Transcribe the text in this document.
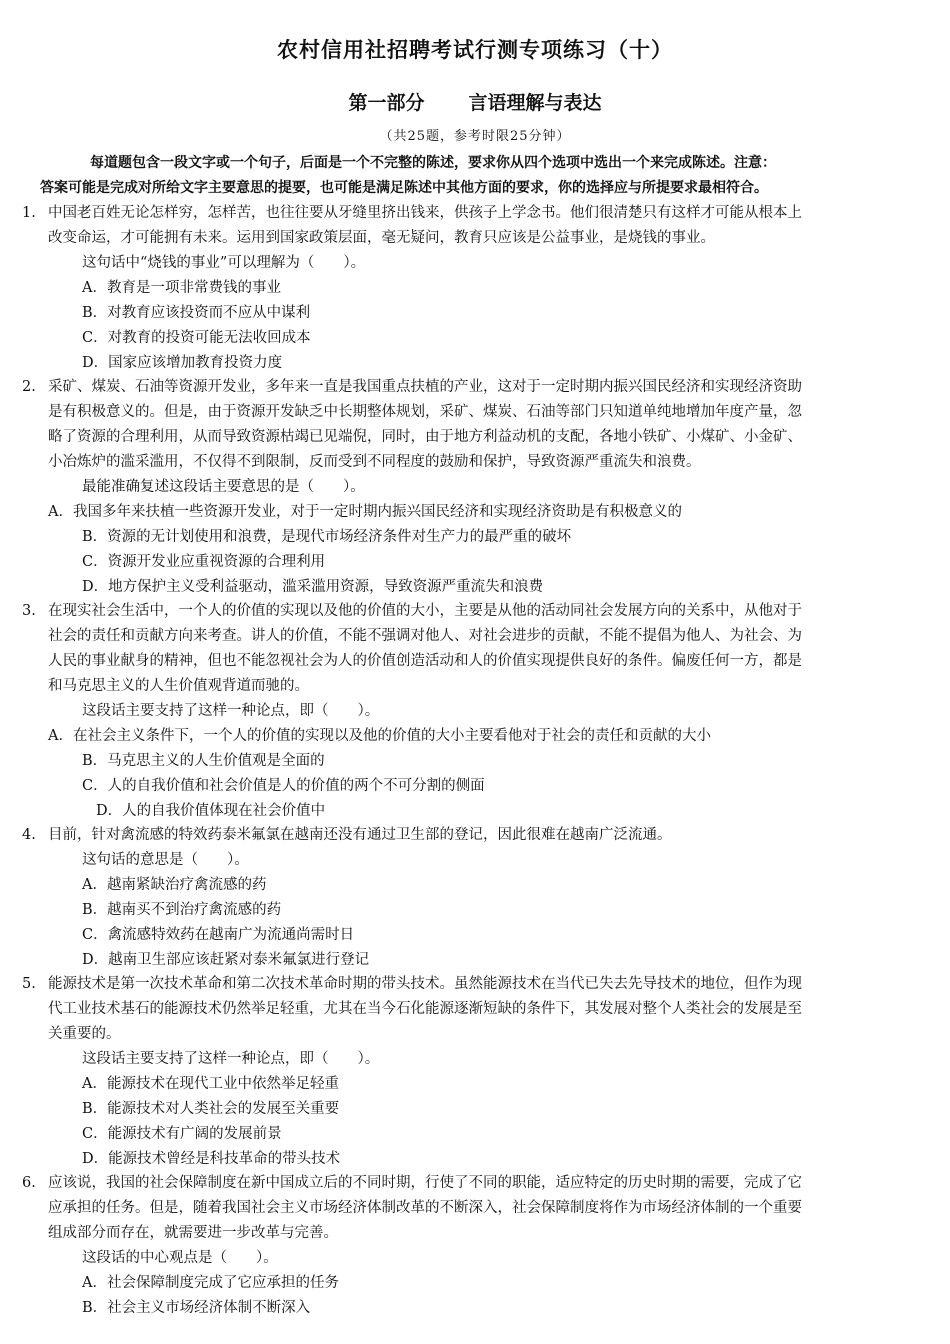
农村信用社招聘考试行测专项练习（十）
第一部分 言语理解与表达
（共25题，参考时限25分钟）
每道题包含一段文字或一个句子，后面是一个不完整的陈述，要求你从四个选项中选出一个来完成陈述。注意：
答案可能是完成对所给文字主要意思的提要，也可能是满足陈述中其他方面的要求，你的选择应与所提要求最相符合。
1. 中国老百姓无论怎样穷，怎样苦，也往往要从牙缝里挤出钱来，供孩子上学念书。他们很清楚只有这样才可能从根本上
改变命运，才可能拥有未来。运用到国家政策层面，毫无疑问，教育只应该是公益事业，是烧钱的事业。
这句话中“烧钱的事业”可以理解为（　　）。
A．教育是一项非常费钱的事业
B．对教育应该投资而不应从中谋利
C．对教育的投资可能无法收回成本
D．国家应该增加教育投资力度
2. 采矿、煤炭、石油等资源开发业，多年来一直是我国重点扶植的产业，这对于一定时期内振兴国民经济和实现经济资助
是有积极意义的。但是，由于资源开发缺乏中长期整体规划，采矿、煤炭、石油等部门只知道单纯地增加年度产量，忽
略了资源的合理利用，从而导致资源枯竭已见端倪，同时，由于地方利益动机的支配，各地小铁矿、小煤矿、小金矿、
小冶炼炉的滥采滥用，不仅得不到限制，反而受到不同程度的鼓励和保护，导致资源严重流失和浪费。
最能准确复述这段话主要意思的是（　　）。
A．我国多年来扶植一些资源开发业，对于一定时期内振兴国民经济和实现经济资助是有积极意义的
B．资源的无计划使用和浪费，是现代市场经济条件对生产力的最严重的破坏
C．资源开发业应重视资源的合理利用
D．地方保护主义受利益驱动，滥采滥用资源，导致资源严重流失和浪费
3. 在现实社会生活中，一个人的价值的实现以及他的价值的大小，主要是从他的活动同社会发展方向的关系中，从他对于
社会的责任和贡献方向来考查。讲人的价值，不能不强调对他人、对社会进步的贡献，不能不提倡为他人、为社会、为
人民的事业献身的精神，但也不能忽视社会为人的价值创造活动和人的价值实现提供良好的条件。偏废任何一方，都是
和马克思主义的人生价值观背道而驰的。
这段话主要支持了这样一种论点，即（　　）。
A．在社会主义条件下，一个人的价值的实现以及他的价值的大小主要看他对于社会的责任和贡献的大小
B．马克思主义的人生价值观是全面的
C．人的自我价值和社会价值是人的价值的两个不可分割的侧面
D．人的自我价值体现在社会价值中
4. 目前，针对禽流感的特效药泰米氟氯在越南还没有通过卫生部的登记，因此很难在越南广泛流通。
这句话的意思是（　　）。
A．越南紧缺治疗禽流感的药
B．越南买不到治疗禽流感的药
C．禽流感特效药在越南广为流通尚需时日
D．越南卫生部应该赶紧对泰米氟氯进行登记
5. 能源技术是第一次技术革命和第二次技术革命时期的带头技术。虽然能源技术在当代已失去先导技术的地位，但作为现
代工业技术基石的能源技术仍然举足轻重，尤其在当今石化能源逐渐短缺的条件下，其发展对整个人类社会的发展是至
关重要的。
这段话主要支持了这样一种论点，即（　　）。
A．能源技术在现代工业中依然举足轻重
B．能源技术对人类社会的发展至关重要
C．能源技术有广阔的发展前景
D．能源技术曾经是科技革命的带头技术
6. 应该说，我国的社会保障制度在新中国成立后的不同时期，行使了不同的职能，适应特定的历史时期的需要，完成了它
应承担的任务。但是，随着我国社会主义市场经济体制改革的不断深入，社会保障制度将作为市场经济体制的一个重要
组成部分而存在，就需要进一步改革与完善。
这段话的中心观点是（　　）。
A．社会保障制度完成了它应承担的任务
B．社会主义市场经济体制不断深入
